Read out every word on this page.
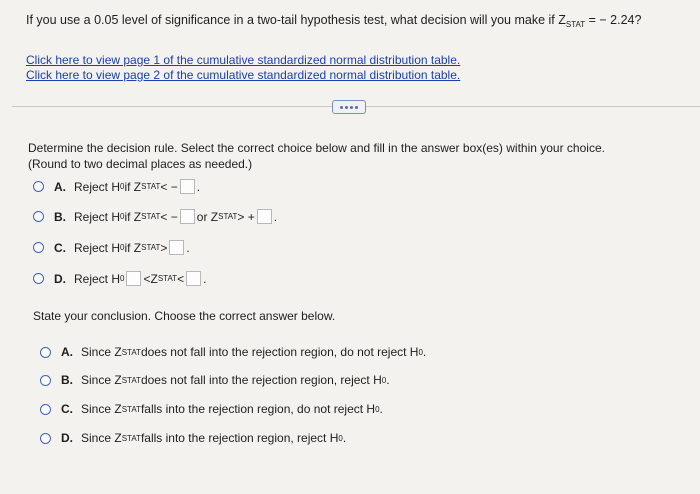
If you use a 0.05 level of significance in a two-tail hypothesis test, what decision will you make if $Z_{STAT}$ = − 2.24?
Click here to view page 1 of the cumulative standardized normal distribution table.
Click here to view page 2 of the cumulative standardized normal distribution table.
Determine the decision rule. Select the correct choice below and fill in the answer box(es) within your choice.
(Round to two decimal places as needed.)
A. Reject H 0 if Z STAT < − .
B. Reject H 0 if Z STAT < − or Z STAT > + .
C. Reject H 0 if Z STAT > .
D. Reject H 0 <Z STAT < .
State your conclusion. Choose the correct answer below.
A. Since Z STAT does not fall into the rejection region, do not reject H 0 .
B. Since Z STAT does not fall into the rejection region, reject H 0 .
C. Since Z STAT falls into the rejection region, do not reject H 0 .
D. Since Z STAT falls into the rejection region, reject H 0 .
